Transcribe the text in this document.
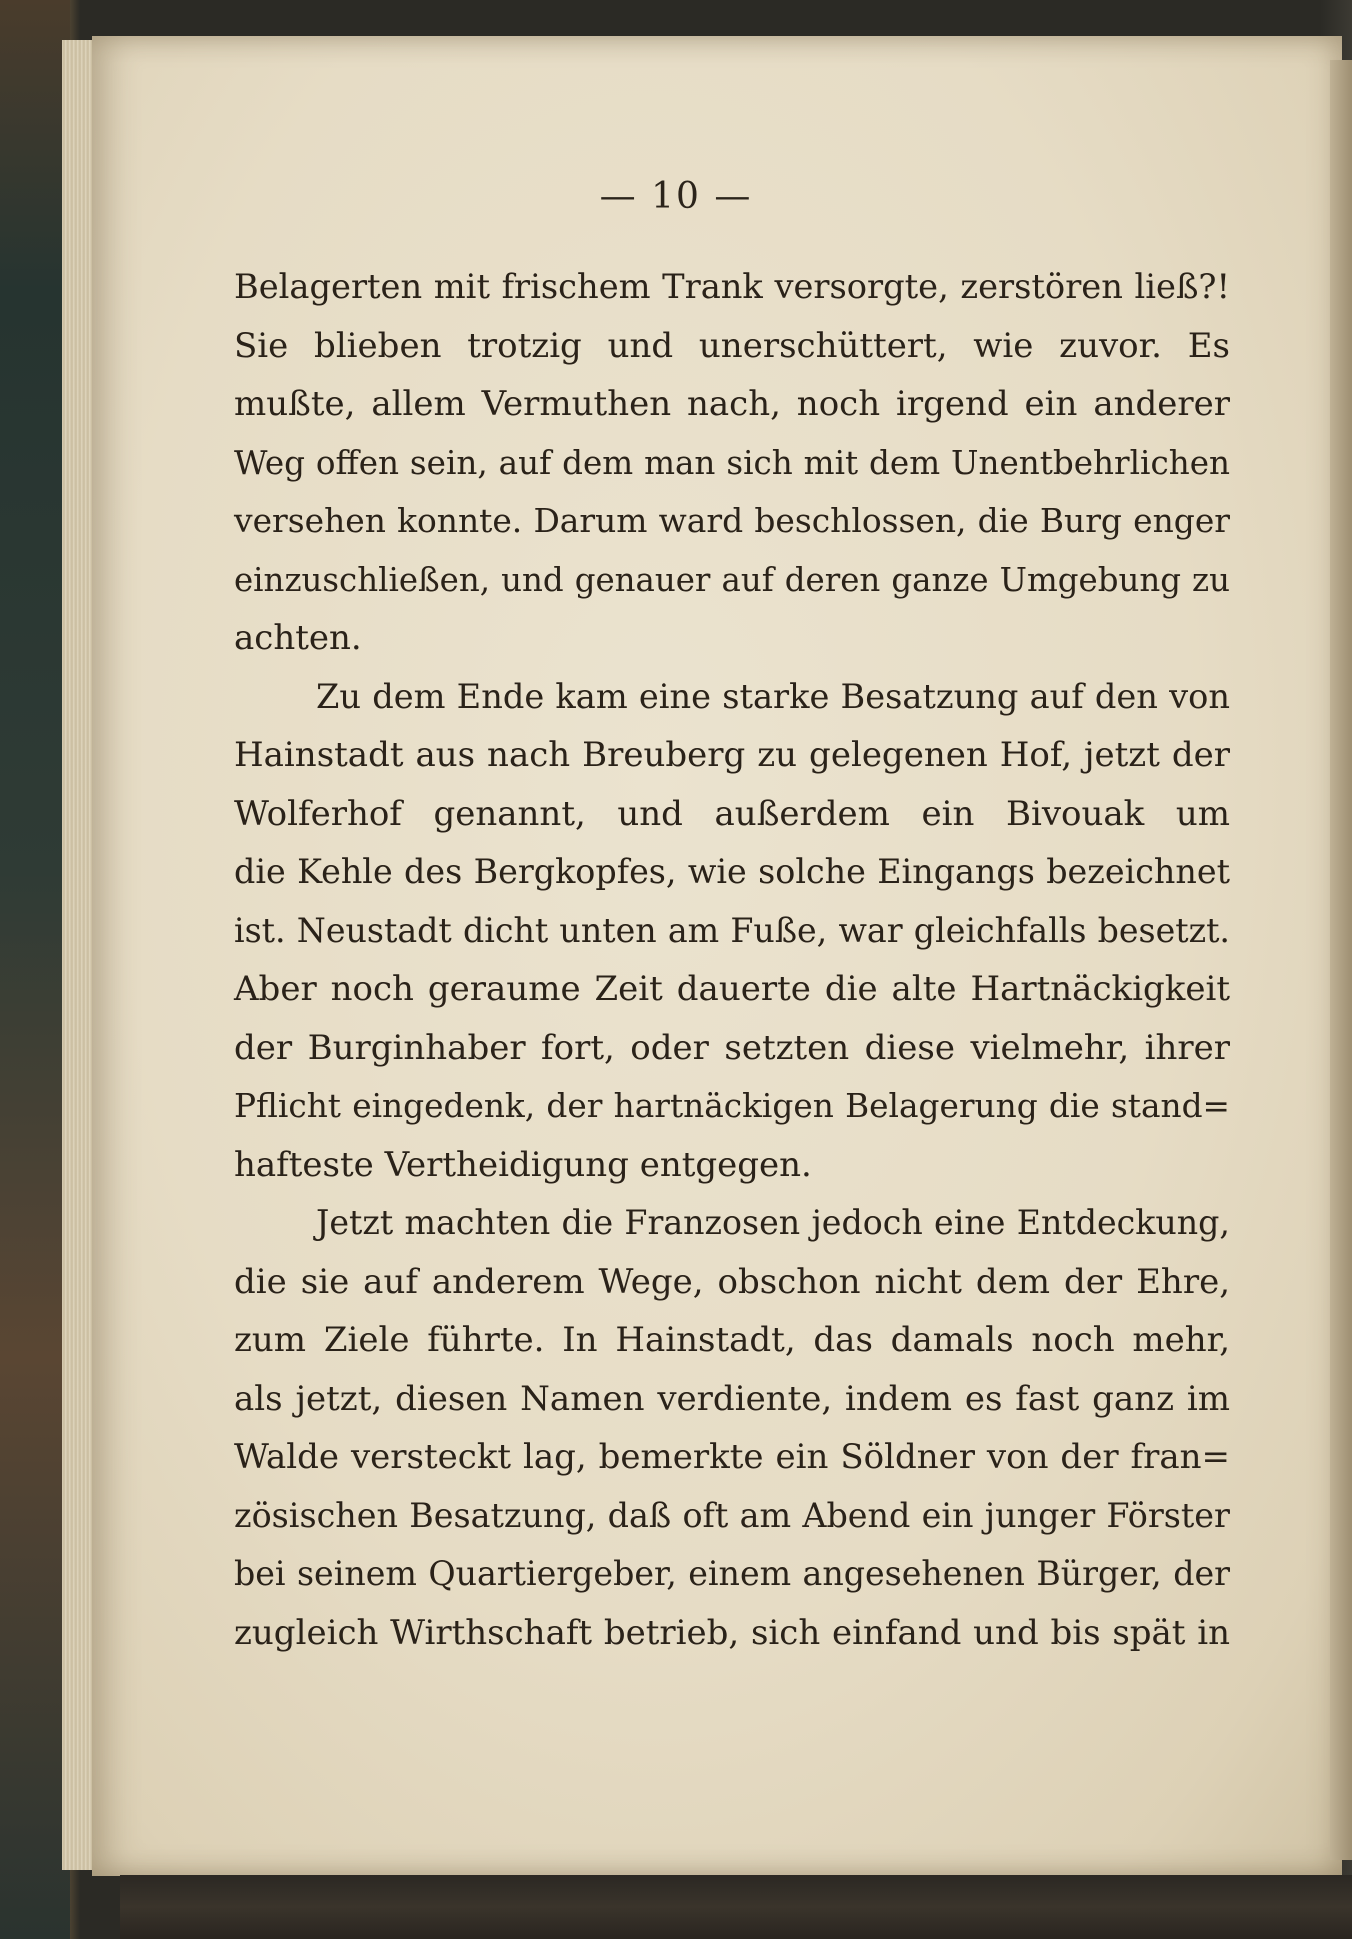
— 10 —
Belagerten mit frischem Trank versorgte, zerstören ließ?!
Sie blieben trotzig und unerschüttert, wie zuvor. Es
mußte, allem Vermuthen nach, noch irgend ein anderer
Weg offen sein, auf dem man sich mit dem Unentbehrlichen
versehen konnte. Darum ward beschlossen, die Burg enger
einzuschließen, und genauer auf deren ganze Umgebung zu
achten.
Zu dem Ende kam eine starke Besatzung auf den von
Hainstadt aus nach Breuberg zu gelegenen Hof, jetzt der
Wolferhof genannt, und außerdem ein Bivouak um
die Kehle des Bergkopfes, wie solche Eingangs bezeichnet
ist. Neustadt dicht unten am Fuße, war gleichfalls besetzt.
Aber noch geraume Zeit dauerte die alte Hartnäckigkeit
der Burginhaber fort, oder setzten diese vielmehr, ihrer
Pflicht eingedenk, der hartnäckigen Belagerung die stand=
hafteste Vertheidigung entgegen.
Jetzt machten die Franzosen jedoch eine Entdeckung,
die sie auf anderem Wege, obschon nicht dem der Ehre,
zum Ziele führte. In Hainstadt, das damals noch mehr,
als jetzt, diesen Namen verdiente, indem es fast ganz im
Walde versteckt lag, bemerkte ein Söldner von der fran=
zösischen Besatzung, daß oft am Abend ein junger Förster
bei seinem Quartiergeber, einem angesehenen Bürger, der
zugleich Wirthschaft betrieb, sich einfand und bis spät in
